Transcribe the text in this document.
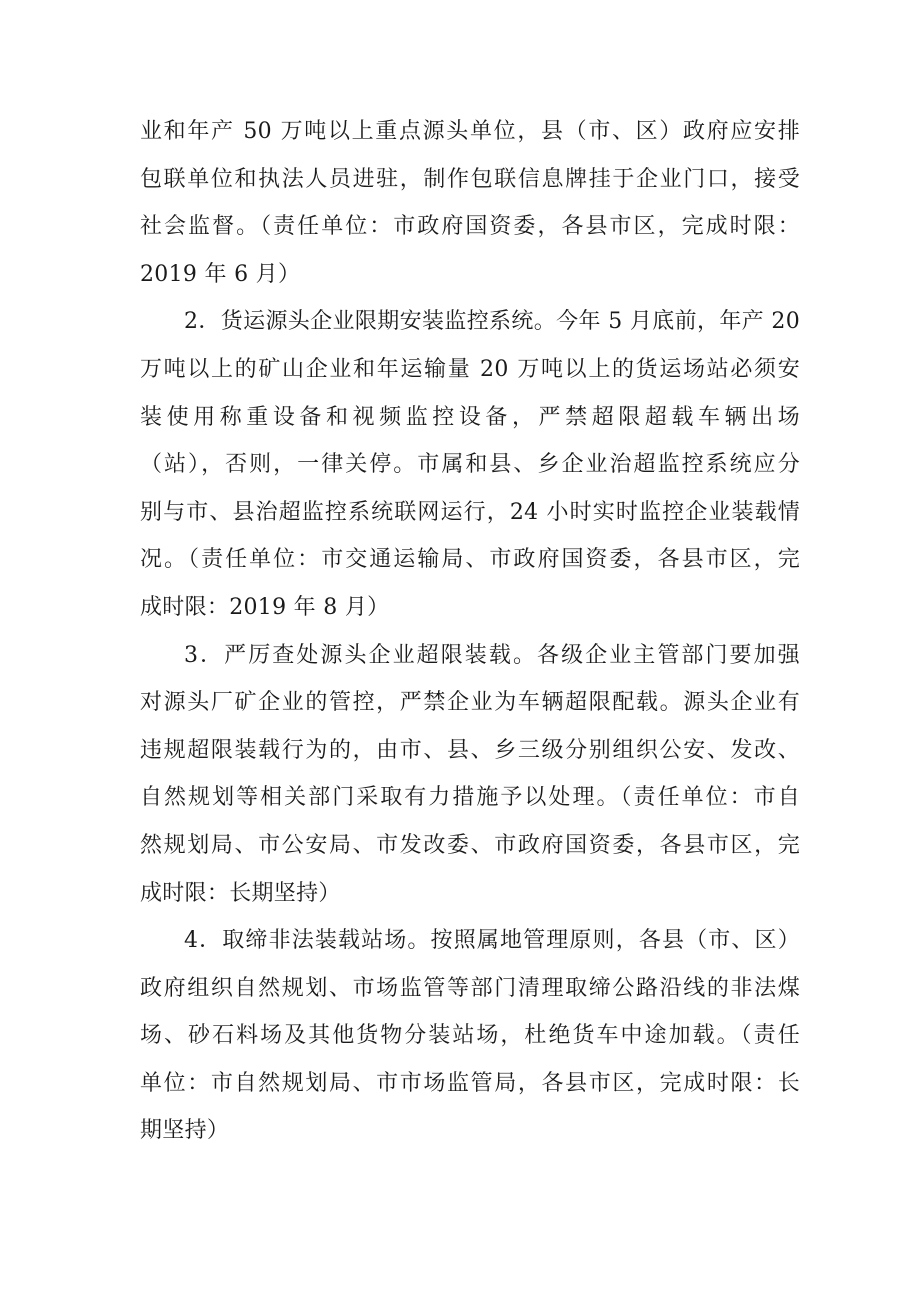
业和年产 50 万吨以上重点源头单位，县（市、区）政府应安排
包联单位和执法人员进驻，制作包联信息牌挂于企业门口，接受
社会监督。（责任单位：市政府国资委，各县市区，完成时限：
2019 年 6 月）
2．货运源头企业限期安装监控系统。今年 5 月底前，年产 20
万吨以上的矿山企业和年运输量 20 万吨以上的货运场站必须安
装使用称重设备和视频监控设备，严禁超限超载车辆出场
（站），否则，一律关停。市属和县、乡企业治超监控系统应分
别与市、县治超监控系统联网运行，24 小时实时监控企业装载情
况。（责任单位：市交通运输局、市政府国资委，各县市区，完
成时限：2019 年 8 月）
3．严厉查处源头企业超限装载。各级企业主管部门要加强
对源头厂矿企业的管控，严禁企业为车辆超限配载。源头企业有
违规超限装载行为的，由市、县、乡三级分别组织公安、发改、
自然规划等相关部门采取有力措施予以处理。（责任单位：市自
然规划局、市公安局、市发改委、市政府国资委，各县市区，完
成时限：长期坚持）
4．取缔非法装载站场。按照属地管理原则，各县（市、区）
政府组织自然规划、市场监管等部门清理取缔公路沿线的非法煤
场、砂石料场及其他货物分装站场，杜绝货车中途加载。（责任
单位：市自然规划局、市市场监管局，各县市区，完成时限：长
期坚持）
